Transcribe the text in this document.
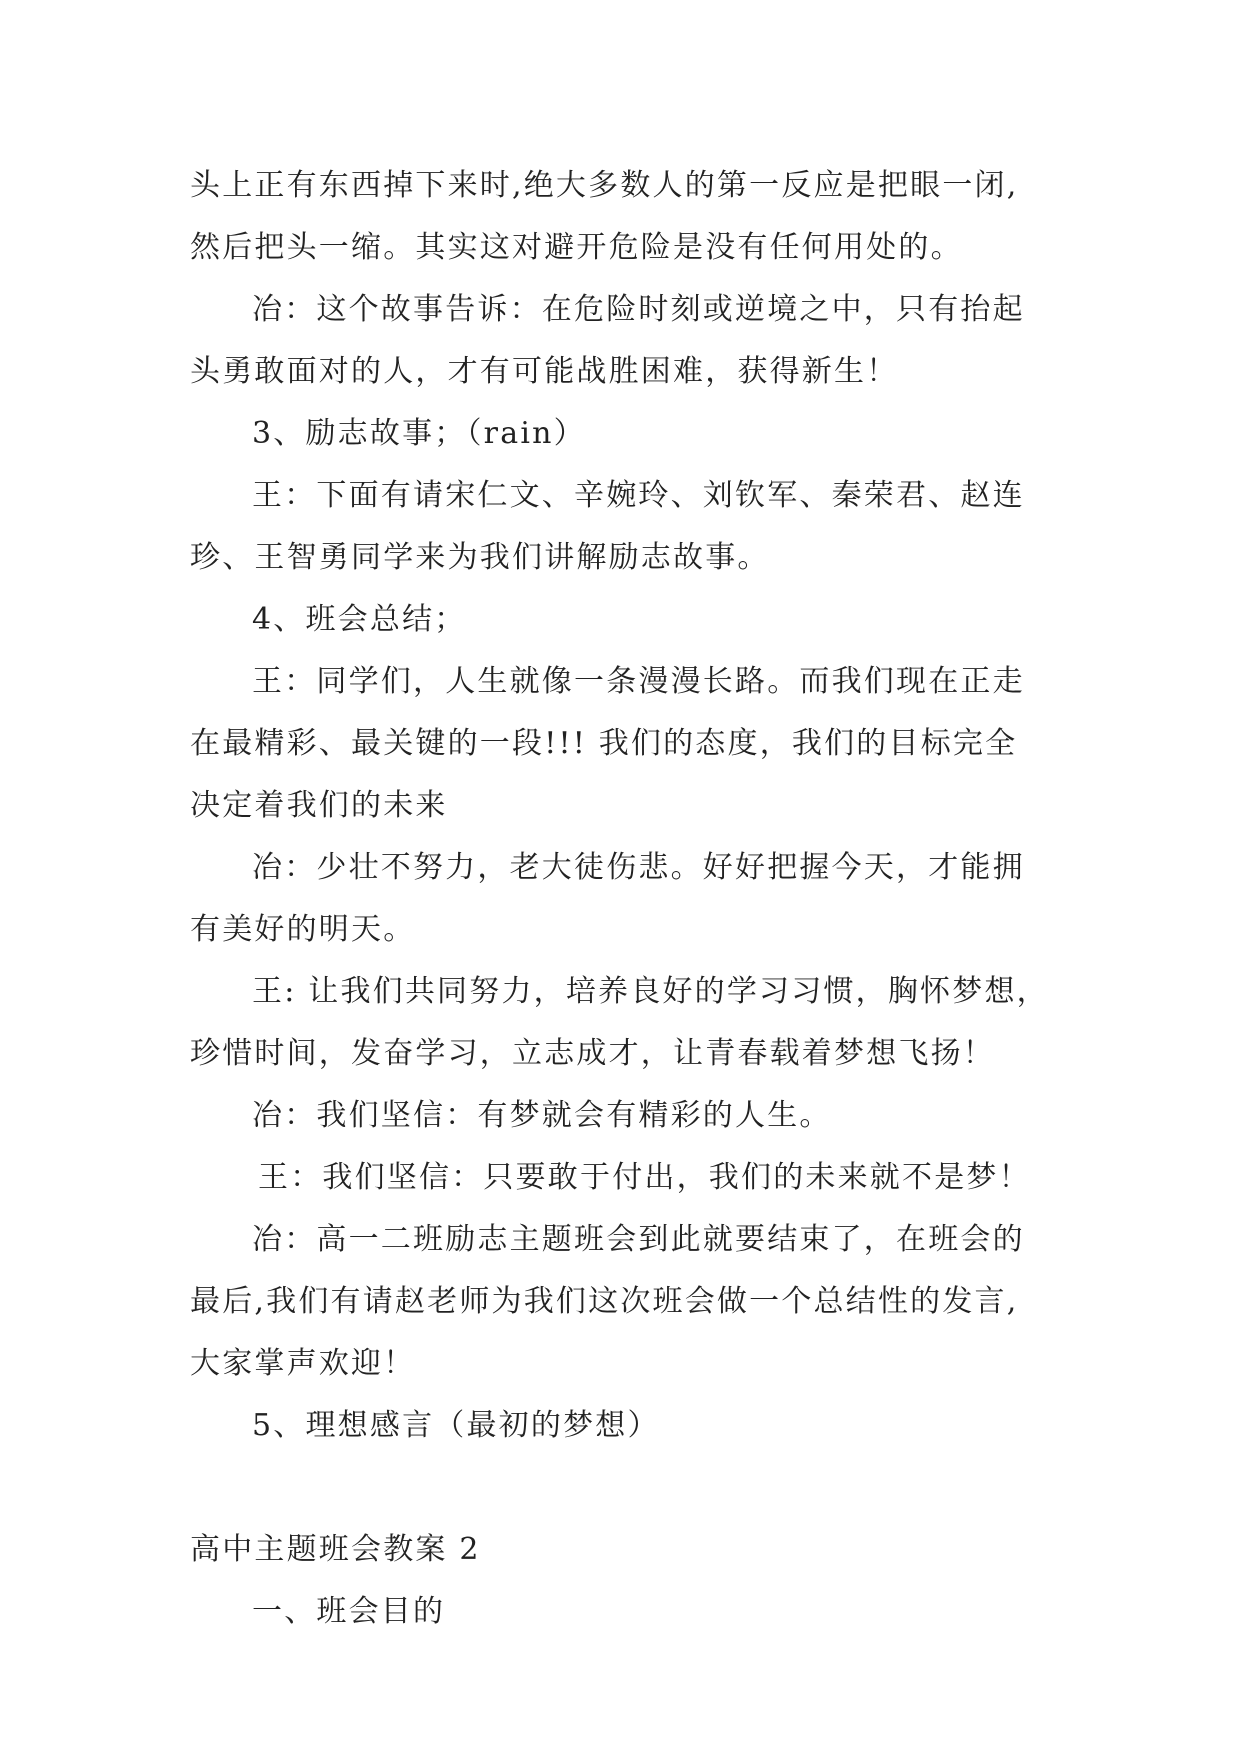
头上正有东西掉下来时,绝大多数人的第一反应是把眼一闭,
然后把头一缩。其实这对避开危险是没有任何用处的。
冶：这个故事告诉：在危险时刻或逆境之中，只有抬起
头勇敢面对的人，才有可能战胜困难，获得新生！
3、励志故事；（rain）
王：下面有请宋仁文、辛婉玲、刘钦军、秦荣君、赵连
珍、王智勇同学来为我们讲解励志故事。
4、班会总结；
王：同学们，人生就像一条漫漫长路。而我们现在正走
在最精彩、最关键的一段!!! 我们的态度，我们的目标完全
决定着我们的未来
冶：少壮不努力，老大徒伤悲。好好把握今天，才能拥
有美好的明天。
王: 让我们共同努力，培养良好的学习习惯，胸怀梦想，
珍惜时间，发奋学习，立志成才，让青春载着梦想飞扬！
冶：我们坚信：有梦就会有精彩的人生。
王：我们坚信：只要敢于付出，我们的未来就不是梦！
冶：高一二班励志主题班会到此就要结束了，在班会的
最后,我们有请赵老师为我们这次班会做一个总结性的发言,
大家掌声欢迎！
5、理想感言（最初的梦想）
高中主题班会教案 2
一、班会目的
